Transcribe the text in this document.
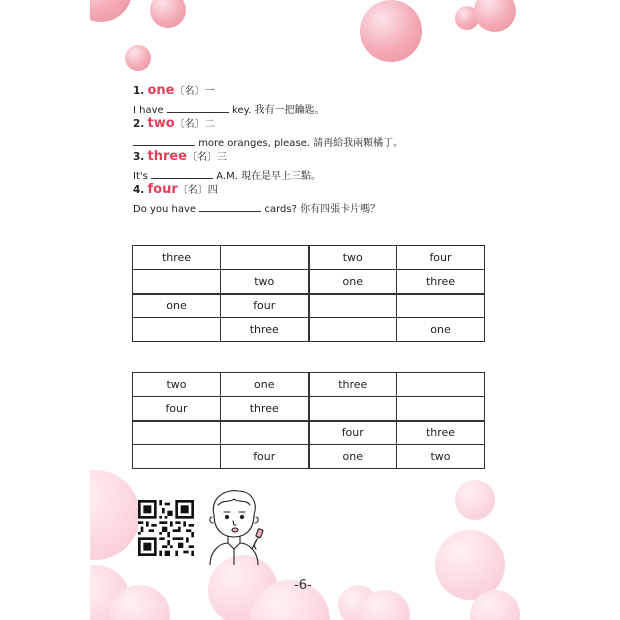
1. one〔名〕一
I have	key. 我有一把鑰匙。
2. two〔名〕二
more oranges, please. 請再給我兩顆橘丁。
3. three〔名〕三
It's	A.M. 現在是早上三點。
4. four〔名〕四
Do you have	cards? 你有四張卡片嗎？
three		two	four
	two	one	three
one	four		
	three		one
two	one	three	
four	three		
		four	three
	four	one	two
-6-
